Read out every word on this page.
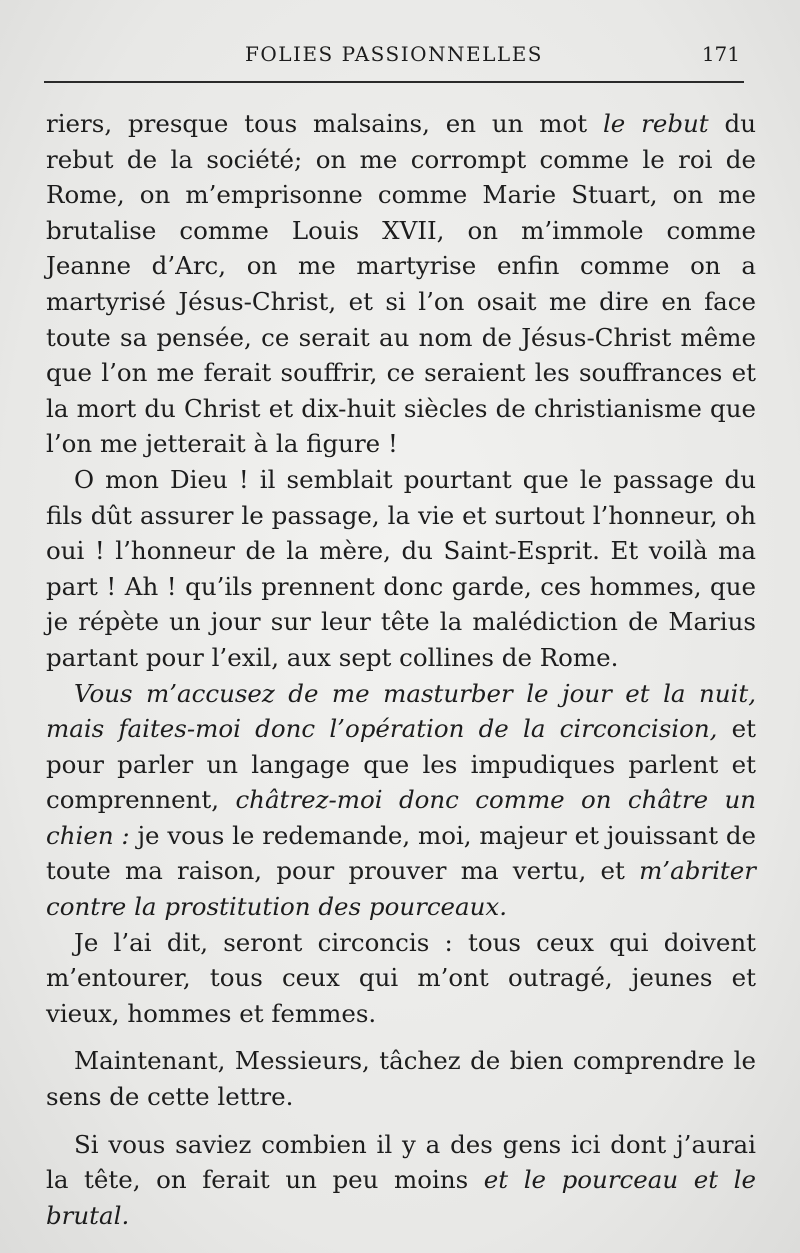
FOLIES PASSIONNELLES	171

riers, presque tous malsains, en un mot le rebut du rebut de la société; on me corrompt comme le roi de Rome, on m’emprisonne comme Marie Stuart, on me brutalise comme Louis XVII, on m’immole comme Jeanne d’Arc, on me martyrise enfin comme on a martyrisé Jésus-Christ, et si l’on osait me dire en face toute sa pensée, ce serait au nom de Jésus-Christ même que l’on me ferait souffrir, ce seraient les souffrances et la mort du Christ et dix-huit siècles de christianisme que l’on me jetterait à la figure !

O mon Dieu ! il semblait pourtant que le passage du fils dût assurer le passage, la vie et surtout l’honneur, oh oui ! l’honneur de la mère, du Saint-Esprit. Et voilà ma part ! Ah ! qu’ils prennent donc garde, ces hommes, que je répète un jour sur leur tête la malédiction de Marius partant pour l’exil, aux sept collines de Rome.

Vous m’accusez de me masturber le jour et la nuit, mais faites-moi donc l’opération de la circoncision, et pour parler un langage que les impudiques parlent et comprennent, châtrez-moi donc comme on châtre un chien : je vous le redemande, moi, majeur et jouissant de toute ma raison, pour prouver ma vertu, et m’abriter contre la prostitution des pourceaux.

Je l’ai dit, seront circoncis : tous ceux qui doivent m’entourer, tous ceux qui m’ont outragé, jeunes et vieux, hommes et femmes.

Maintenant, Messieurs, tâchez de bien comprendre le sens de cette lettre.

Si vous saviez combien il y a des gens ici dont j’aurai la tête, on ferait un peu moins et le pourceau et le brutal.
